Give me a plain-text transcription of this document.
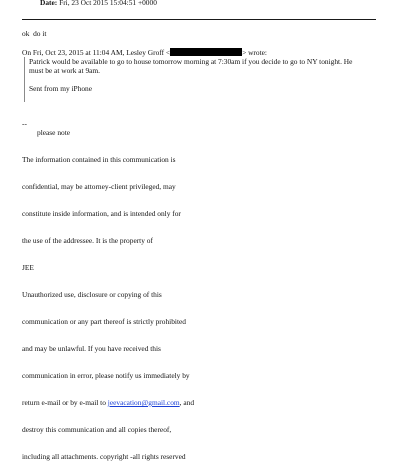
Date: Fri, 23 Oct 2015 15:04:51 +0000
ok  do it
On Fri, Oct 23, 2015 at 11:04 AM, Lesley Groff <	> wrote:
Patrick would be available to go to house tomorrow morning at 7:30am if you decide to go to NY tonight. He
must be at work at 9am.
Sent from my iPhone
--
please note

The information contained in this communication is

confidential, may be attorney-client privileged, may

constitute inside information, and is intended only for

the use of the addressee. It is the property of

JEE

Unauthorized use, disclosure or copying of this

communication or any part thereof is strictly prohibited

and may be unlawful. If you have received this

communication in error, please notify us immediately by

return e-mail or by e-mail to jeevacation@gmail.com, and

destroy this communication and all copies thereof,

including all attachments. copyright -all rights reserved
